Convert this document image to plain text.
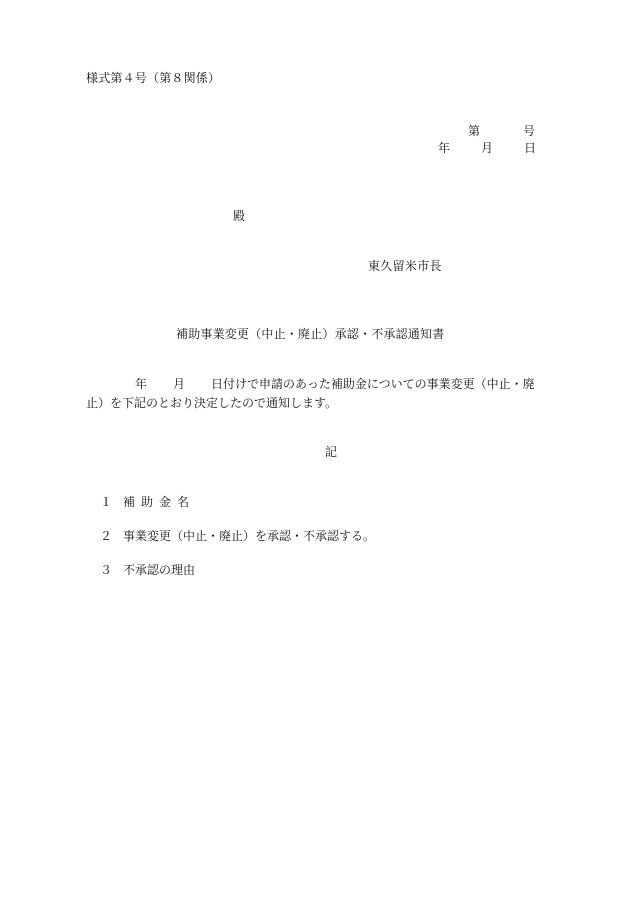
様式第４号（第８関係）
第	号
年	月	日
殿
東久留米市長
補助事業変更（中止・廃止）承認・不承認通知書
年 月 日付けで申請のあった補助金についての事業変更（中止・廃
止）を下記のとおり決定したので通知します。
記
１ 補助金名
２ 事業変更（中止・廃止）を承認・不承認する。
３ 不承認の理由
